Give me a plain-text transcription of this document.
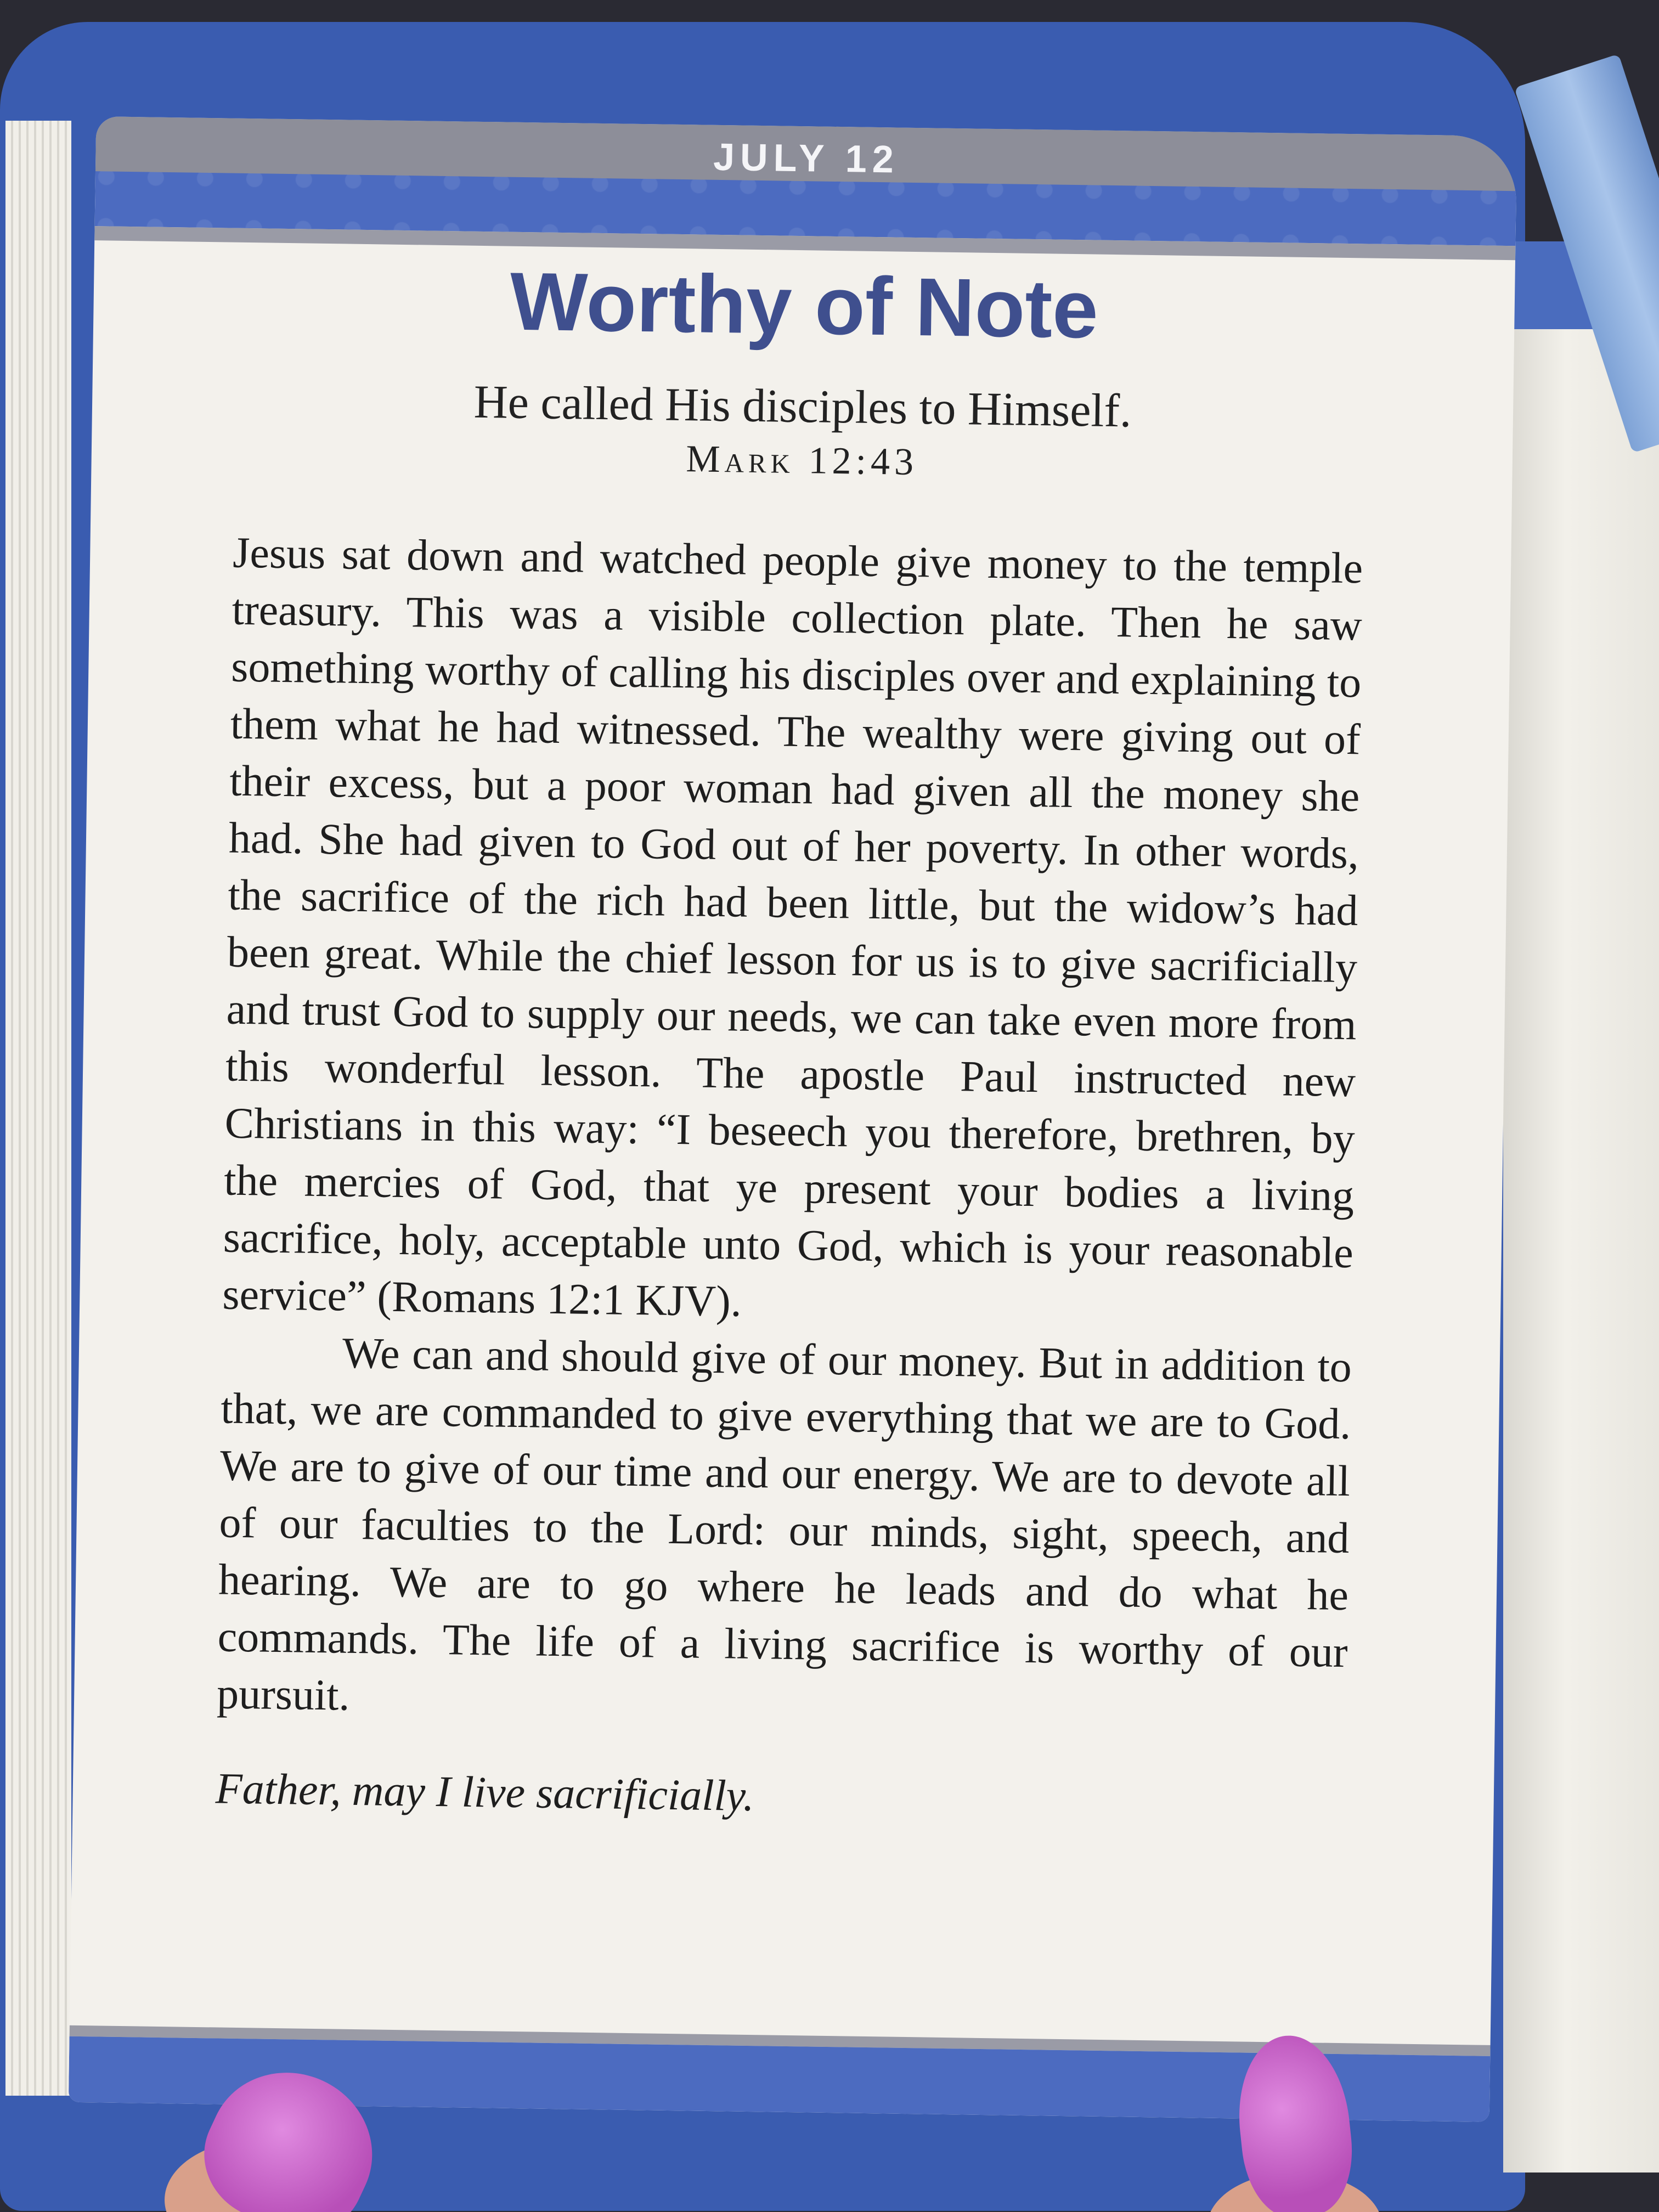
JULY 12
Worthy of Note
He called His disciples to Himself.
Mark 12:43

Jesus sat down and watched people give money to the temple treasury. This was a visible collection plate. Then he saw something worthy of calling his disciples over and explaining to them what he had witnessed. The wealthy were giving out of their excess, but a poor woman had given all the money she had. She had given to God out of her poverty. In other words, the sacrifice of the rich had been little, but the widow’s had been great. While the chief lesson for us is to give sacrificially and trust God to supply our needs, we can take even more from this wonderful lesson. The apostle Paul instructed new Christians in this way: “I beseech you therefore, brethren, by the mercies of God, that ye present your bodies a living sacrifice, holy, acceptable unto God, which is your reasonable service” (Romans 12:1 KJV).

We can and should give of our money. But in addition to that, we are commanded to give everything that we are to God. We are to give of our time and our energy. We are to devote all of our faculties to the Lord: our minds, sight, speech, and hearing. We are to go where he leads and do what he commands. The life of a living sacrifice is worthy of our pursuit.

Father, may I live sacrificially.
